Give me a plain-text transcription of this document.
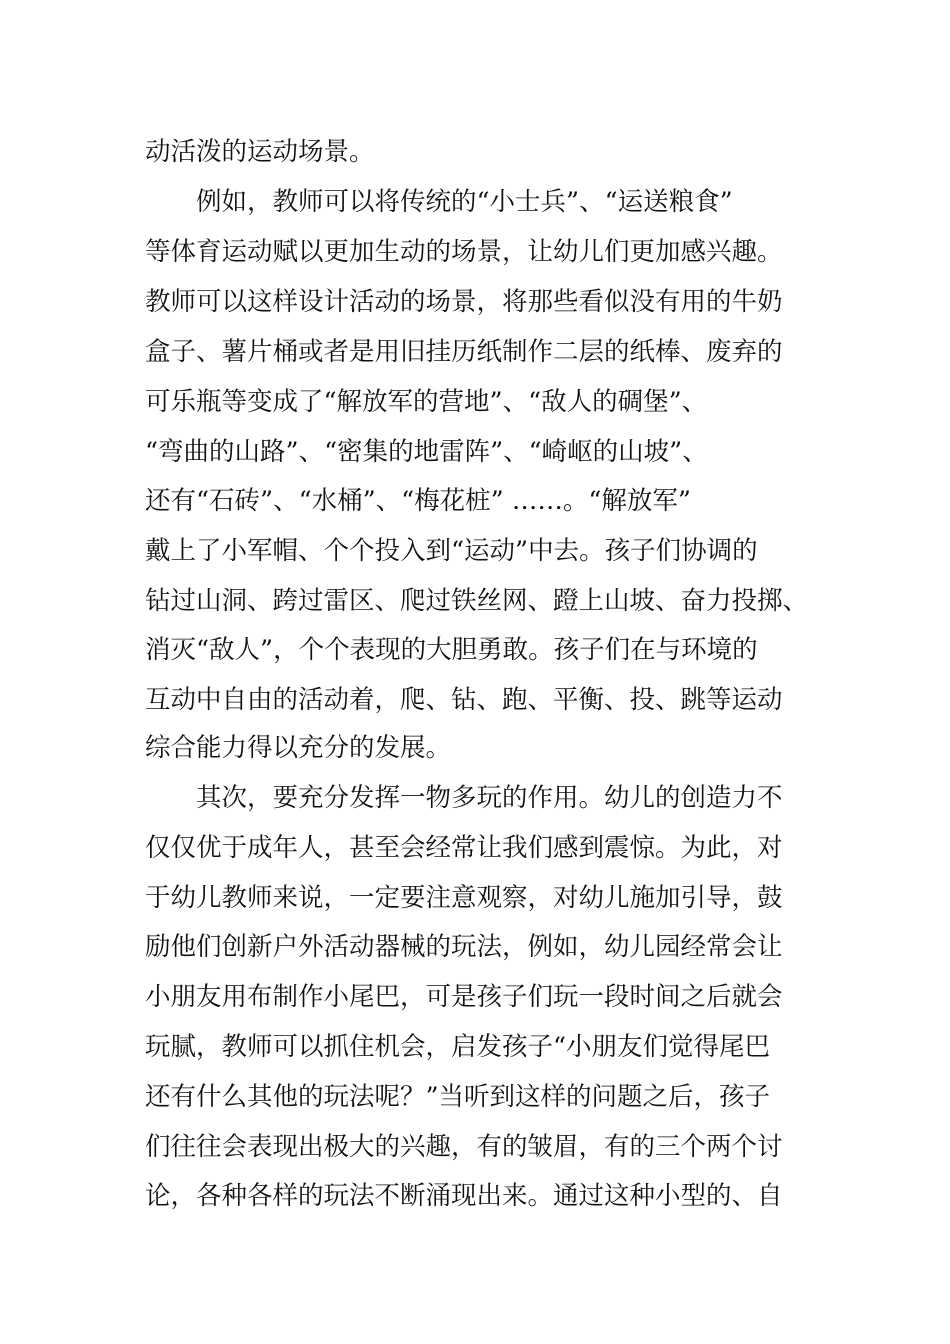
动活泼的运动场景。
例如，教师可以将传统的“小士兵”、“运送粮食”
等体育运动赋以更加生动的场景，让幼儿们更加感兴趣。
教师可以这样设计活动的场景，将那些看似没有用的牛奶
盒子、薯片桶或者是用旧挂历纸制作二层的纸棒、废弃的
可乐瓶等变成了“解放军的营地”、“敌人的碉堡”、
“弯曲的山路”、“密集的地雷阵”、“崎岖的山坡”、
还有“石砖”、“水桶”、“梅花桩” ……。“解放军”
戴上了小军帽、个个投入到“运动”中去。孩子们协调的
钻过山洞、跨过雷区、爬过铁丝网、蹬上山坡、奋力投掷、
消灭“敌人”，个个表现的大胆勇敢。孩子们在与环境的
互动中自由的活动着，爬、钻、跑、平衡、投、跳等运动
综合能力得以充分的发展。
其次，要充分发挥一物多玩的作用。幼儿的创造力不
仅仅优于成年人，甚至会经常让我们感到震惊。为此，对
于幼儿教师来说，一定要注意观察，对幼儿施加引导，鼓
励他们创新户外活动器械的玩法，例如，幼儿园经常会让
小朋友用布制作小尾巴，可是孩子们玩一段时间之后就会
玩腻，教师可以抓住机会，启发孩子“小朋友们觉得尾巴
还有什么其他的玩法呢？”当听到这样的问题之后，孩子
们往往会表现出极大的兴趣，有的皱眉，有的三个两个讨
论，各种各样的玩法不断涌现出来。通过这种小型的、自
